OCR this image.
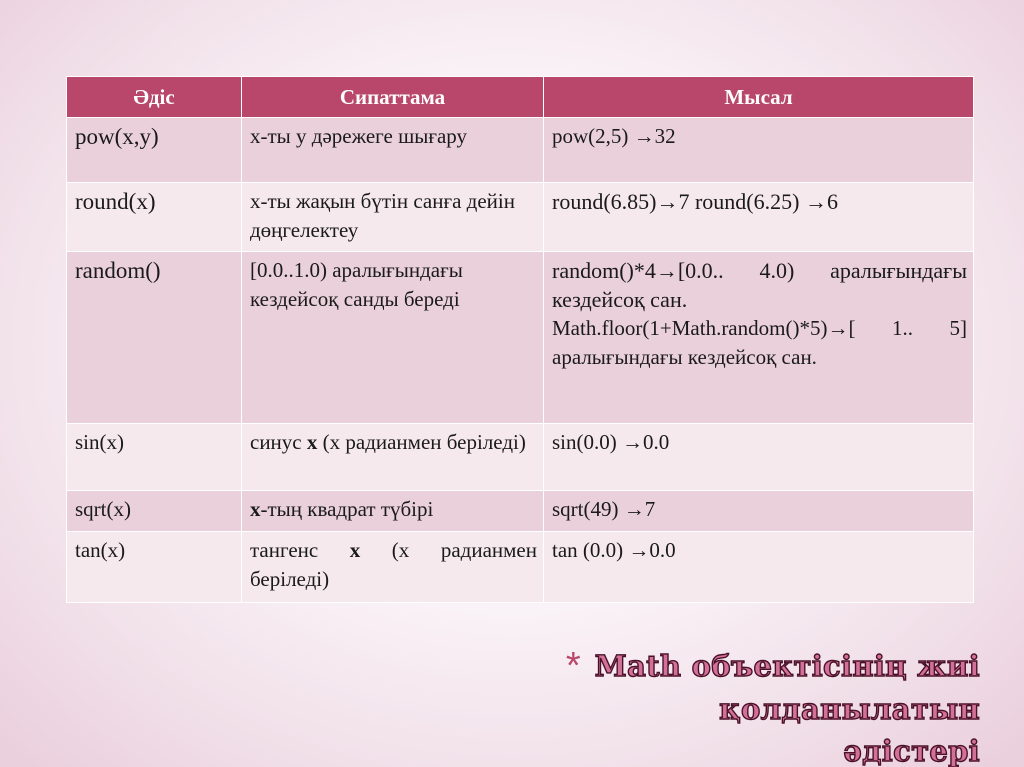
Әдіс	Сипаттама	Мысал
pow(x,y)	x-ты у дәрежеге шығару	pow(2,5) →32
round(x)	x-ты жақын бүтін санға дейін дөңгелектеу	round(6.85)→7 round(6.25) →6
random()	[0.0..1.0) аралығындағы кездейсоқ санды береді	random()*4→[0.0.. 4.0) аралығындағы кездейсоқ сан.
Math.floor(1+Math.random()*5)→[ 1.. 5] аралығындағы кездейсоқ сан.

sin(x)	синус x (x радианмен беріледі)	sin(0.0) →0.0
sqrt(x)	x-тың квадрат түбірі	sqrt(49) →7
tan(x)	тангенс x (x радианмен беріледі)	tan (0.0) →0.0
* Math объектісінің жиі қолданылатын
әдістері
